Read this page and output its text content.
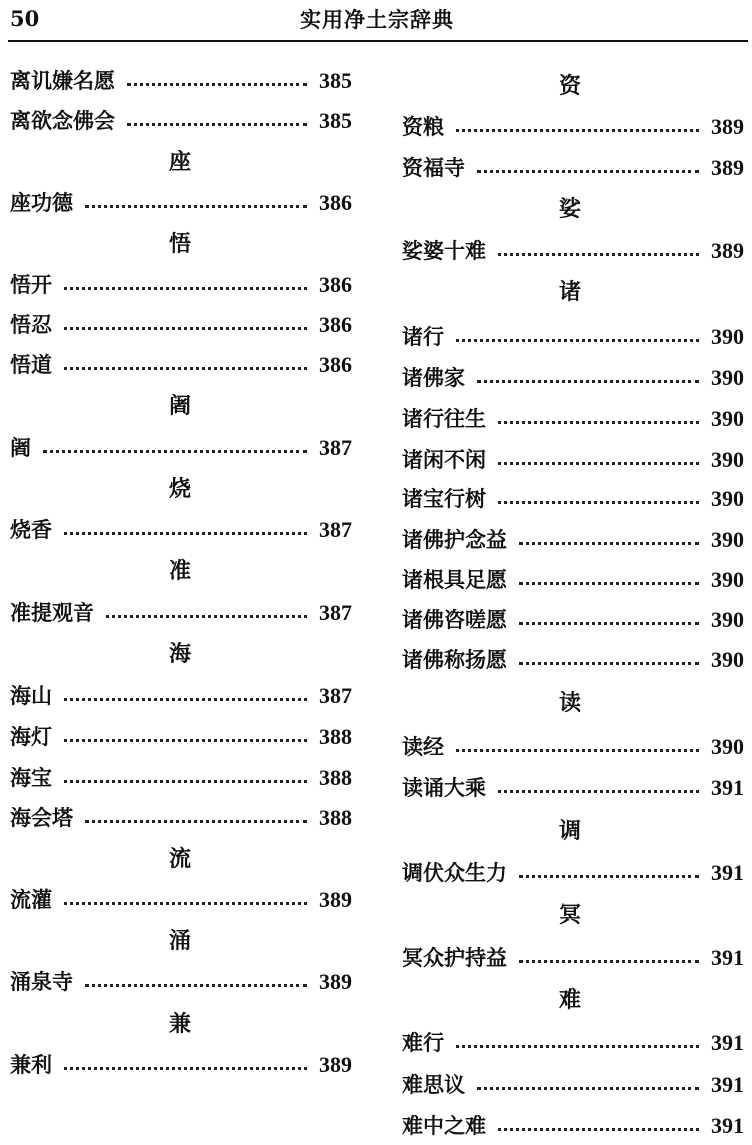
50	实用净土宗辞典
离讥嫌名愿	385
离欲念佛会	385
座
座功德	386
悟
悟开	386
悟忍	386
悟道	386
阇
阇	387
烧
烧香	387
准
准提观音	387
海
海山	387
海灯	388
海宝	388
海会塔	388
流
流灌	389
涌
涌泉寺	389
兼
兼利	389
资
资粮	389
资福寺	389
娑
娑婆十难	389
诸
诸行	390
诸佛家	390
诸行往生	390
诸闲不闲	390
诸宝行树	390
诸佛护念益	390
诸根具足愿	390
诸佛咨嗟愿	390
诸佛称扬愿	390
读
读经	390
读诵大乘	391
调
调伏众生力	391
冥
冥众护持益	391
难
难行	391
难思议	391
难中之难	391
